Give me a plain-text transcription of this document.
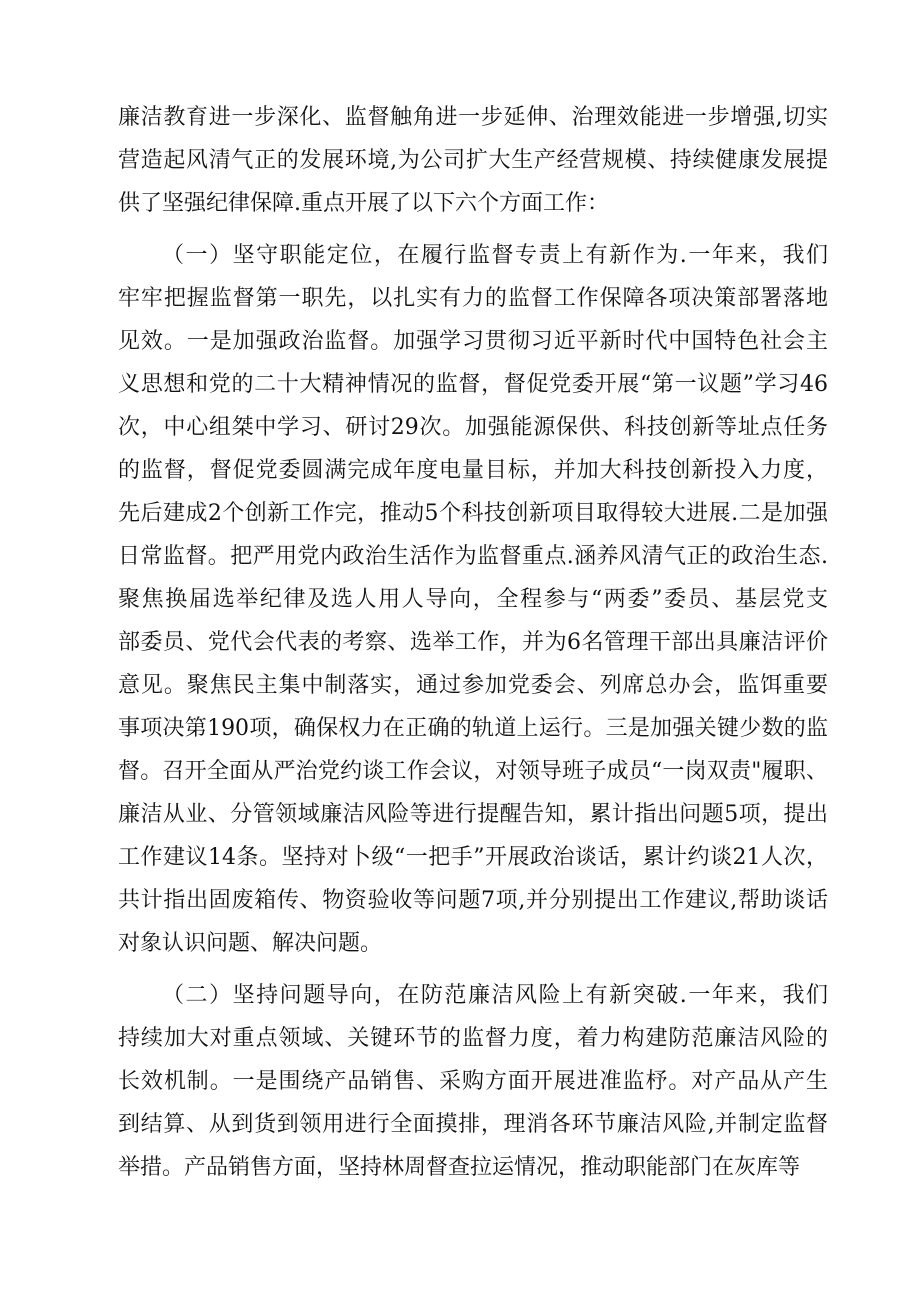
廉洁教育进一步深化、监督触角进一步延伸、治理效能进一步增强,切实
营造起风清气正的发展环境,为公司扩大生产经营规模、持续健康发展提
供了坚强纪律保障.重点开展了以下六个方面工作：
（一）坚守职能定位，在履行监督专责上有新作为.一年来，我们
牢牢把握监督第一职先，以扎实有力的监督工作保障各项决策部署落地
见效。一是加强政治监督。加强学习贯彻习近平新时代中国特色社会主
义思想和党的二十大精神情况的监督，督促党委开展“第一议题”学习46
次，中心组桀中学习、研讨29次。加强能源保供、科技创新等址点任务
的监督，督促党委圆满完成年度电量目标，并加大科技创新投入力度，
先后建成2个创新工作完，推动5个科技创新项目取得较大进展.二是加强
日常监督。把严用党内政治生活作为监督重点.涵养风清气正的政治生态.
聚焦换届选举纪律及选人用人导向，全程参与“两委”委员、基层党支
部委员、党代会代表的考察、选举工作，并为6名管理干部出具廉洁评价
意见。聚焦民主集中制落实，通过参加党委会、列席总办会，监饵重要
事项决第190项，确保权力在正确的轨道上运行。三是加强关键少数的监
督。召开全面从严治党约谈工作会议，对领导班子成员“一岗双责"履职、
廉洁从业、分管领域廉洁风险等进行提醒告知，累计指出问题5项，提出
工作建议14条。坚持对卜级“一把手”开展政治谈话，累计约谈21人次，
共计指出固废箱传、物资验收等问题7项,并分别提出工作建议,帮助谈话
对象认识问题、解决问题。
（二）坚持问题导向，在防范廉洁风险上有新突破.一年来，我们
持续加大对重点领域、关键环节的监督力度，着力构建防范廉洁风险的
长效机制。一是围绕产品销售、采购方面开展进准监杼。对产品从产生
到结算、从到货到领用进行全面摸排，理消各环节廉洁风险,并制定监督
举措。产品销售方面，坚持林周督查拉运情况，推动职能部门在灰库等
